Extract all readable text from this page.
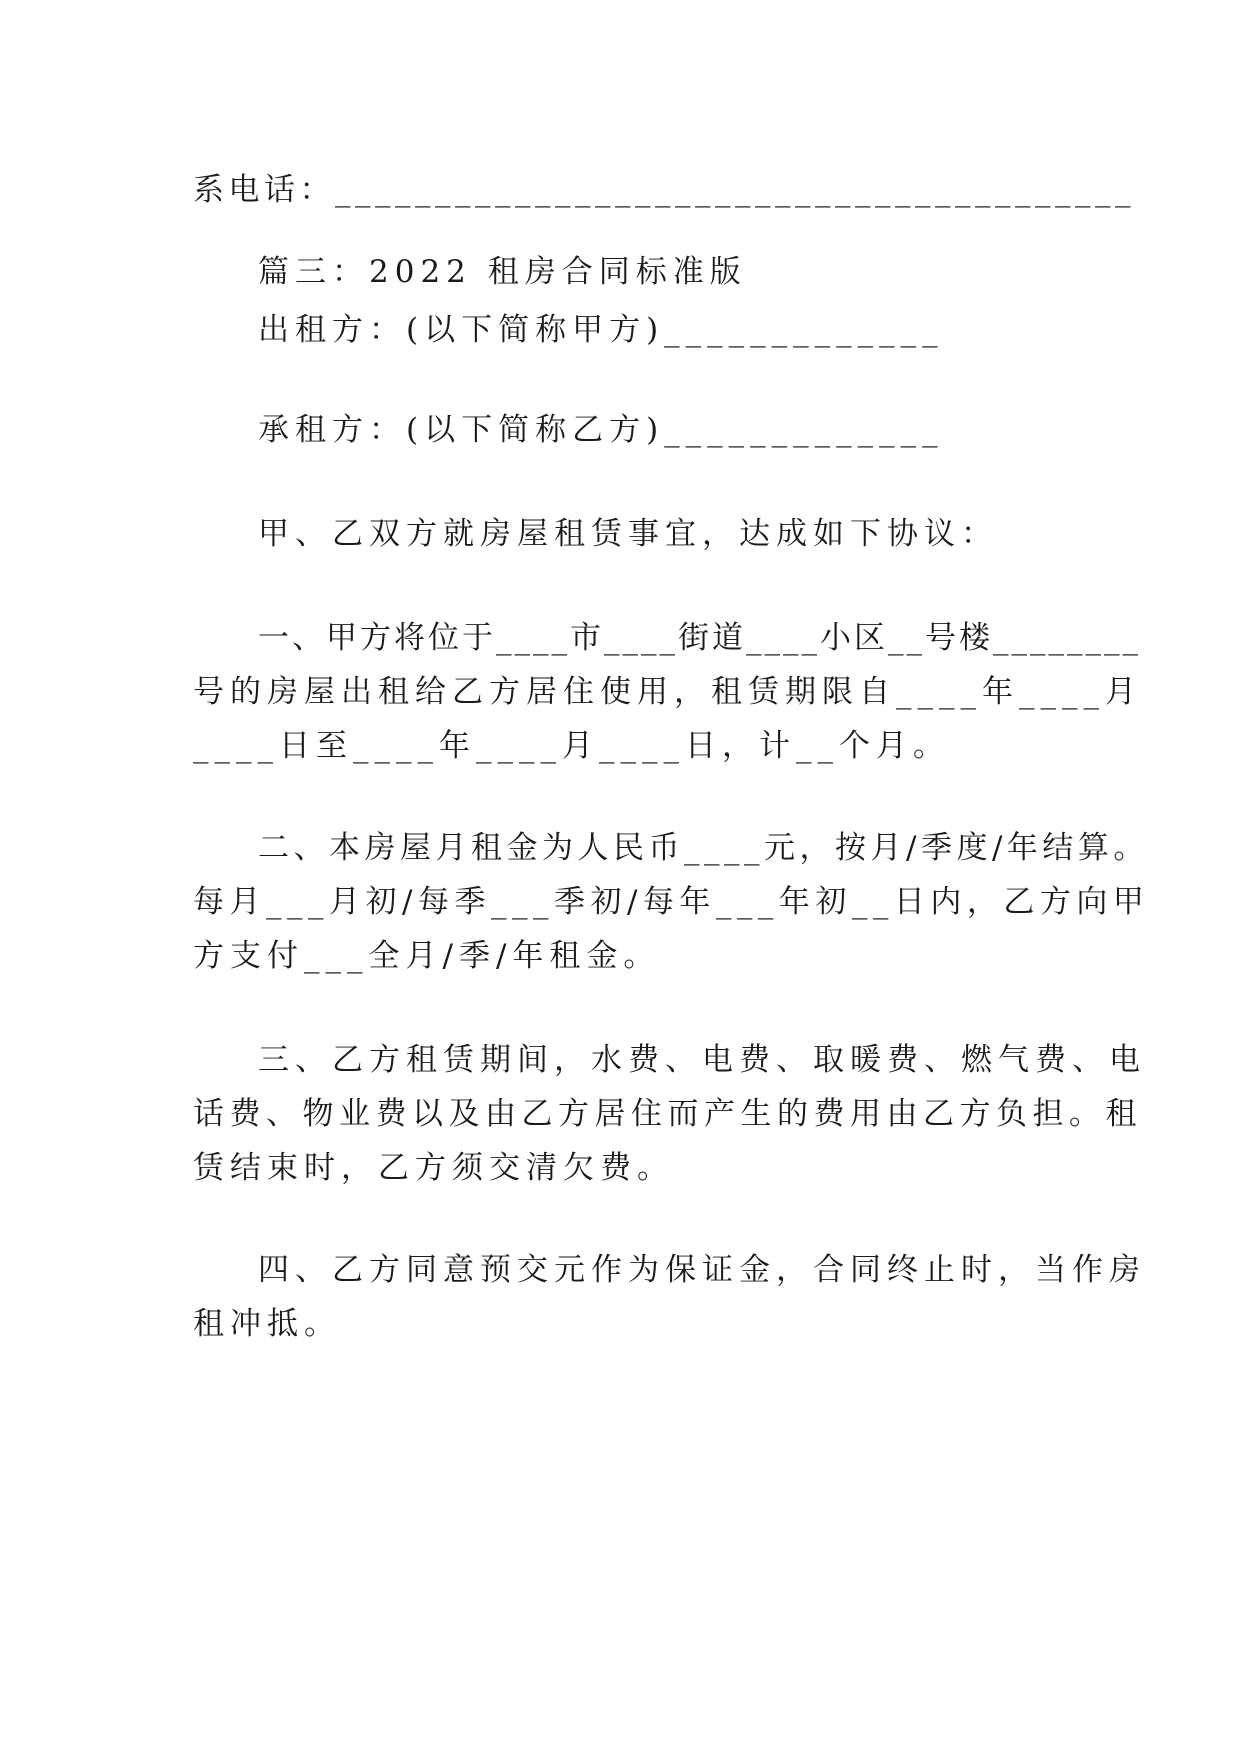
系电话：________________________________________
篇三：2022 租房合同标准版
出租方：(以下简称甲方)_____________
承租方：(以下简称乙方)_____________
甲、乙双方就房屋租赁事宜，达成如下协议：
一、甲方将位于____市____街道____小区__号楼________
号的房屋出租给乙方居住使用，租赁期限自____年____月
____日至____年____月____日，计__个月。
二、本房屋月租金为人民币____元，按月/季度/年结算。
每月___月初/每季___季初/每年___年初__日内，乙方向甲
方支付___全月/季/年租金。
三、乙方租赁期间，水费、电费、取暖费、燃气费、电
话费、物业费以及由乙方居住而产生的费用由乙方负担。租
赁结束时，乙方须交清欠费。
四、乙方同意预交元作为保证金，合同终止时，当作房
租冲抵。
